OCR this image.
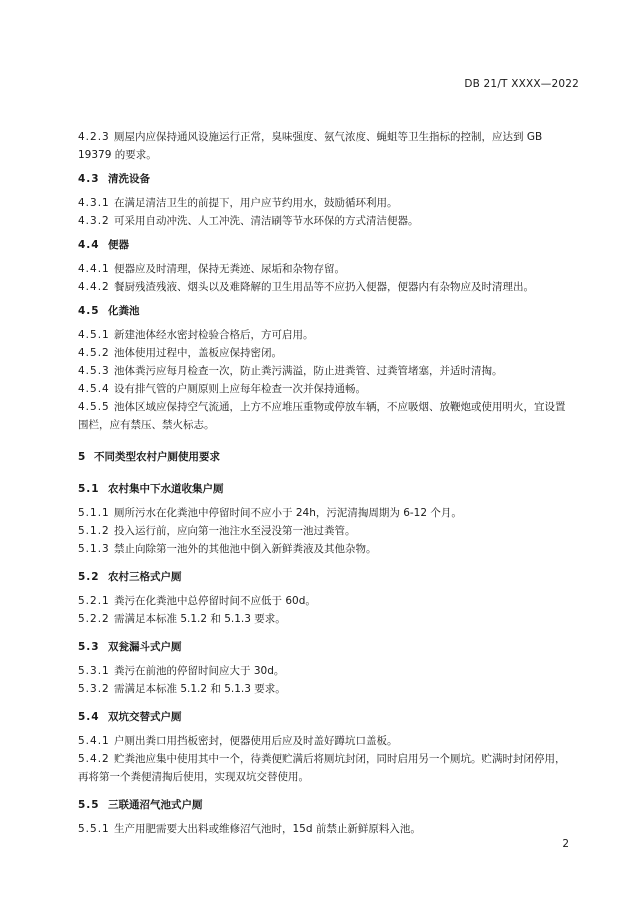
DB 21/T XXXX—2022

4.2.3 厕屋内应保持通风设施运行正常，臭味强度、氨气浓度、蝇蛆等卫生指标的控制，应达到 GB 19379 的要求。

4.3 清洗设备

4.3.1 在满足清洁卫生的前提下，用户应节约用水，鼓励循环利用。

4.3.2 可采用自动冲洗、人工冲洗、清洁刷等节水环保的方式清洁便器。

4.4 便器

4.4.1 便器应及时清理，保持无粪迹、尿垢和杂物存留。

4.4.2 餐厨残渣残液、烟头以及难降解的卫生用品等不应扔入便器，便器内有杂物应及时清理出。

4.5 化粪池

4.5.1 新建池体经水密封检验合格后，方可启用。

4.5.2 池体使用过程中，盖板应保持密闭。

4.5.3 池体粪污应每月检查一次，防止粪污满溢，防止进粪管、过粪管堵塞，并适时清掏。

4.5.4 设有排气管的户厕原则上应每年检查一次并保持通畅。

4.5.5 池体区域应保持空气流通，上方不应堆压重物或停放车辆，不应吸烟、放鞭炮或使用明火，宜设置围栏，应有禁压、禁火标志。

5 不同类型农村户厕使用要求

5.1 农村集中下水道收集户厕

5.1.1 厕所污水在化粪池中停留时间不应小于 24h，污泥清掏周期为 6-12 个月。

5.1.2 投入运行前，应向第一池注水至浸没第一池过粪管。

5.1.3 禁止向除第一池外的其他池中倒入新鲜粪液及其他杂物。

5.2 农村三格式户厕

5.2.1 粪污在化粪池中总停留时间不应低于 60d。

5.2.2 需满足本标准 5.1.2 和 5.1.3 要求。

5.3 双瓮漏斗式户厕

5.3.1 粪污在前池的停留时间应大于 30d。

5.3.2 需满足本标准 5.1.2 和 5.1.3 要求。

5.4 双坑交替式户厕

5.4.1 户厕出粪口用挡板密封，便器使用后应及时盖好蹲坑口盖板。

5.4.2 贮粪池应集中使用其中一个，待粪便贮满后将厕坑封闭，同时启用另一个厕坑。贮满时封闭停用，再将第一个粪便清掏后使用，实现双坑交替使用。

5.5 三联通沼气池式户厕

5.5.1 生产用肥需要大出料或维修沼气池时，15d 前禁止新鲜原料入池。

2
